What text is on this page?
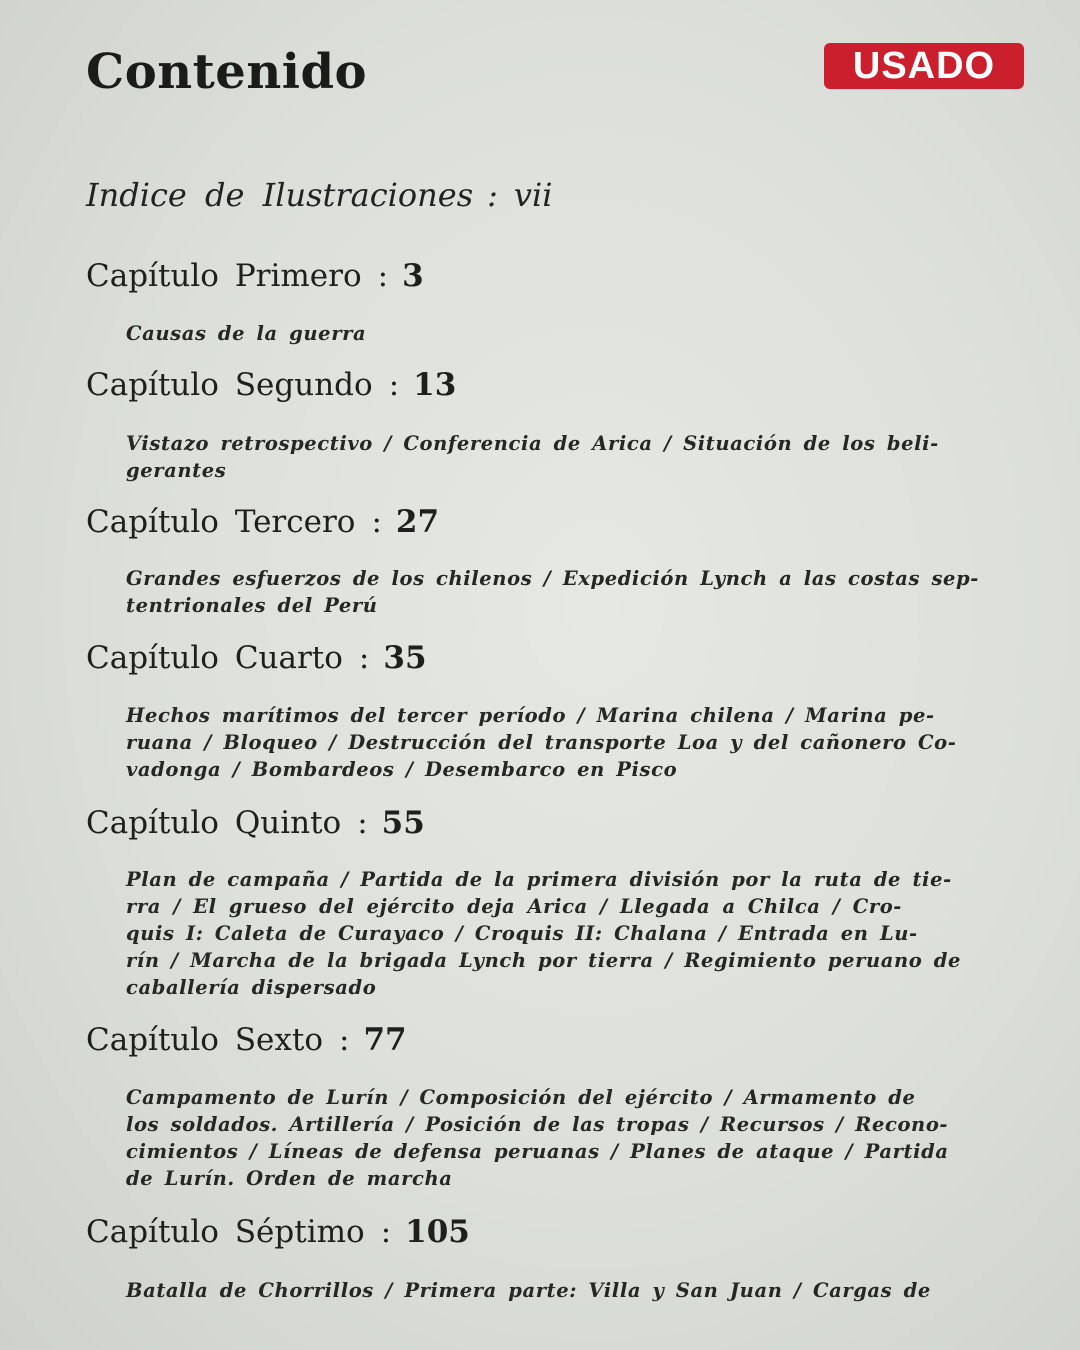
Contenido	USADO
Indice de Ilustraciones : vii
Capítulo Primero : 3

Causas de la guerra

Capítulo Segundo : 13

Vistazo retrospectivo / Conferencia de Arica / Situación de los beli-
gerantes

Capítulo Tercero : 27

Grandes esfuerzos de los chilenos / Expedición Lynch a las costas sep-
tentrionales del Perú

Capítulo Cuarto : 35

Hechos marítimos del tercer período / Marina chilena / Marina pe-
ruana / Bloqueo / Destrucción del transporte Loa y del cañonero Co-
vadonga / Bombardeos / Desembarco en Pisco

Capítulo Quinto : 55

Plan de campaña / Partida de la primera división por la ruta de tie-
rra / El grueso del ejército deja Arica / Llegada a Chilca / Cro-
quis I: Caleta de Curayaco / Croquis II: Chalana / Entrada en Lu-
rín / Marcha de la brigada Lynch por tierra / Regimiento peruano de
caballería dispersado

Capítulo Sexto : 77

Campamento de Lurín / Composición del ejército / Armamento de
los soldados. Artillería / Posición de las tropas / Recursos / Recono-
cimientos / Líneas de defensa peruanas / Planes de ataque / Partida
de Lurín. Orden de marcha

Capítulo Séptimo : 105

Batalla de Chorrillos / Primera parte: Villa y San Juan / Cargas de
